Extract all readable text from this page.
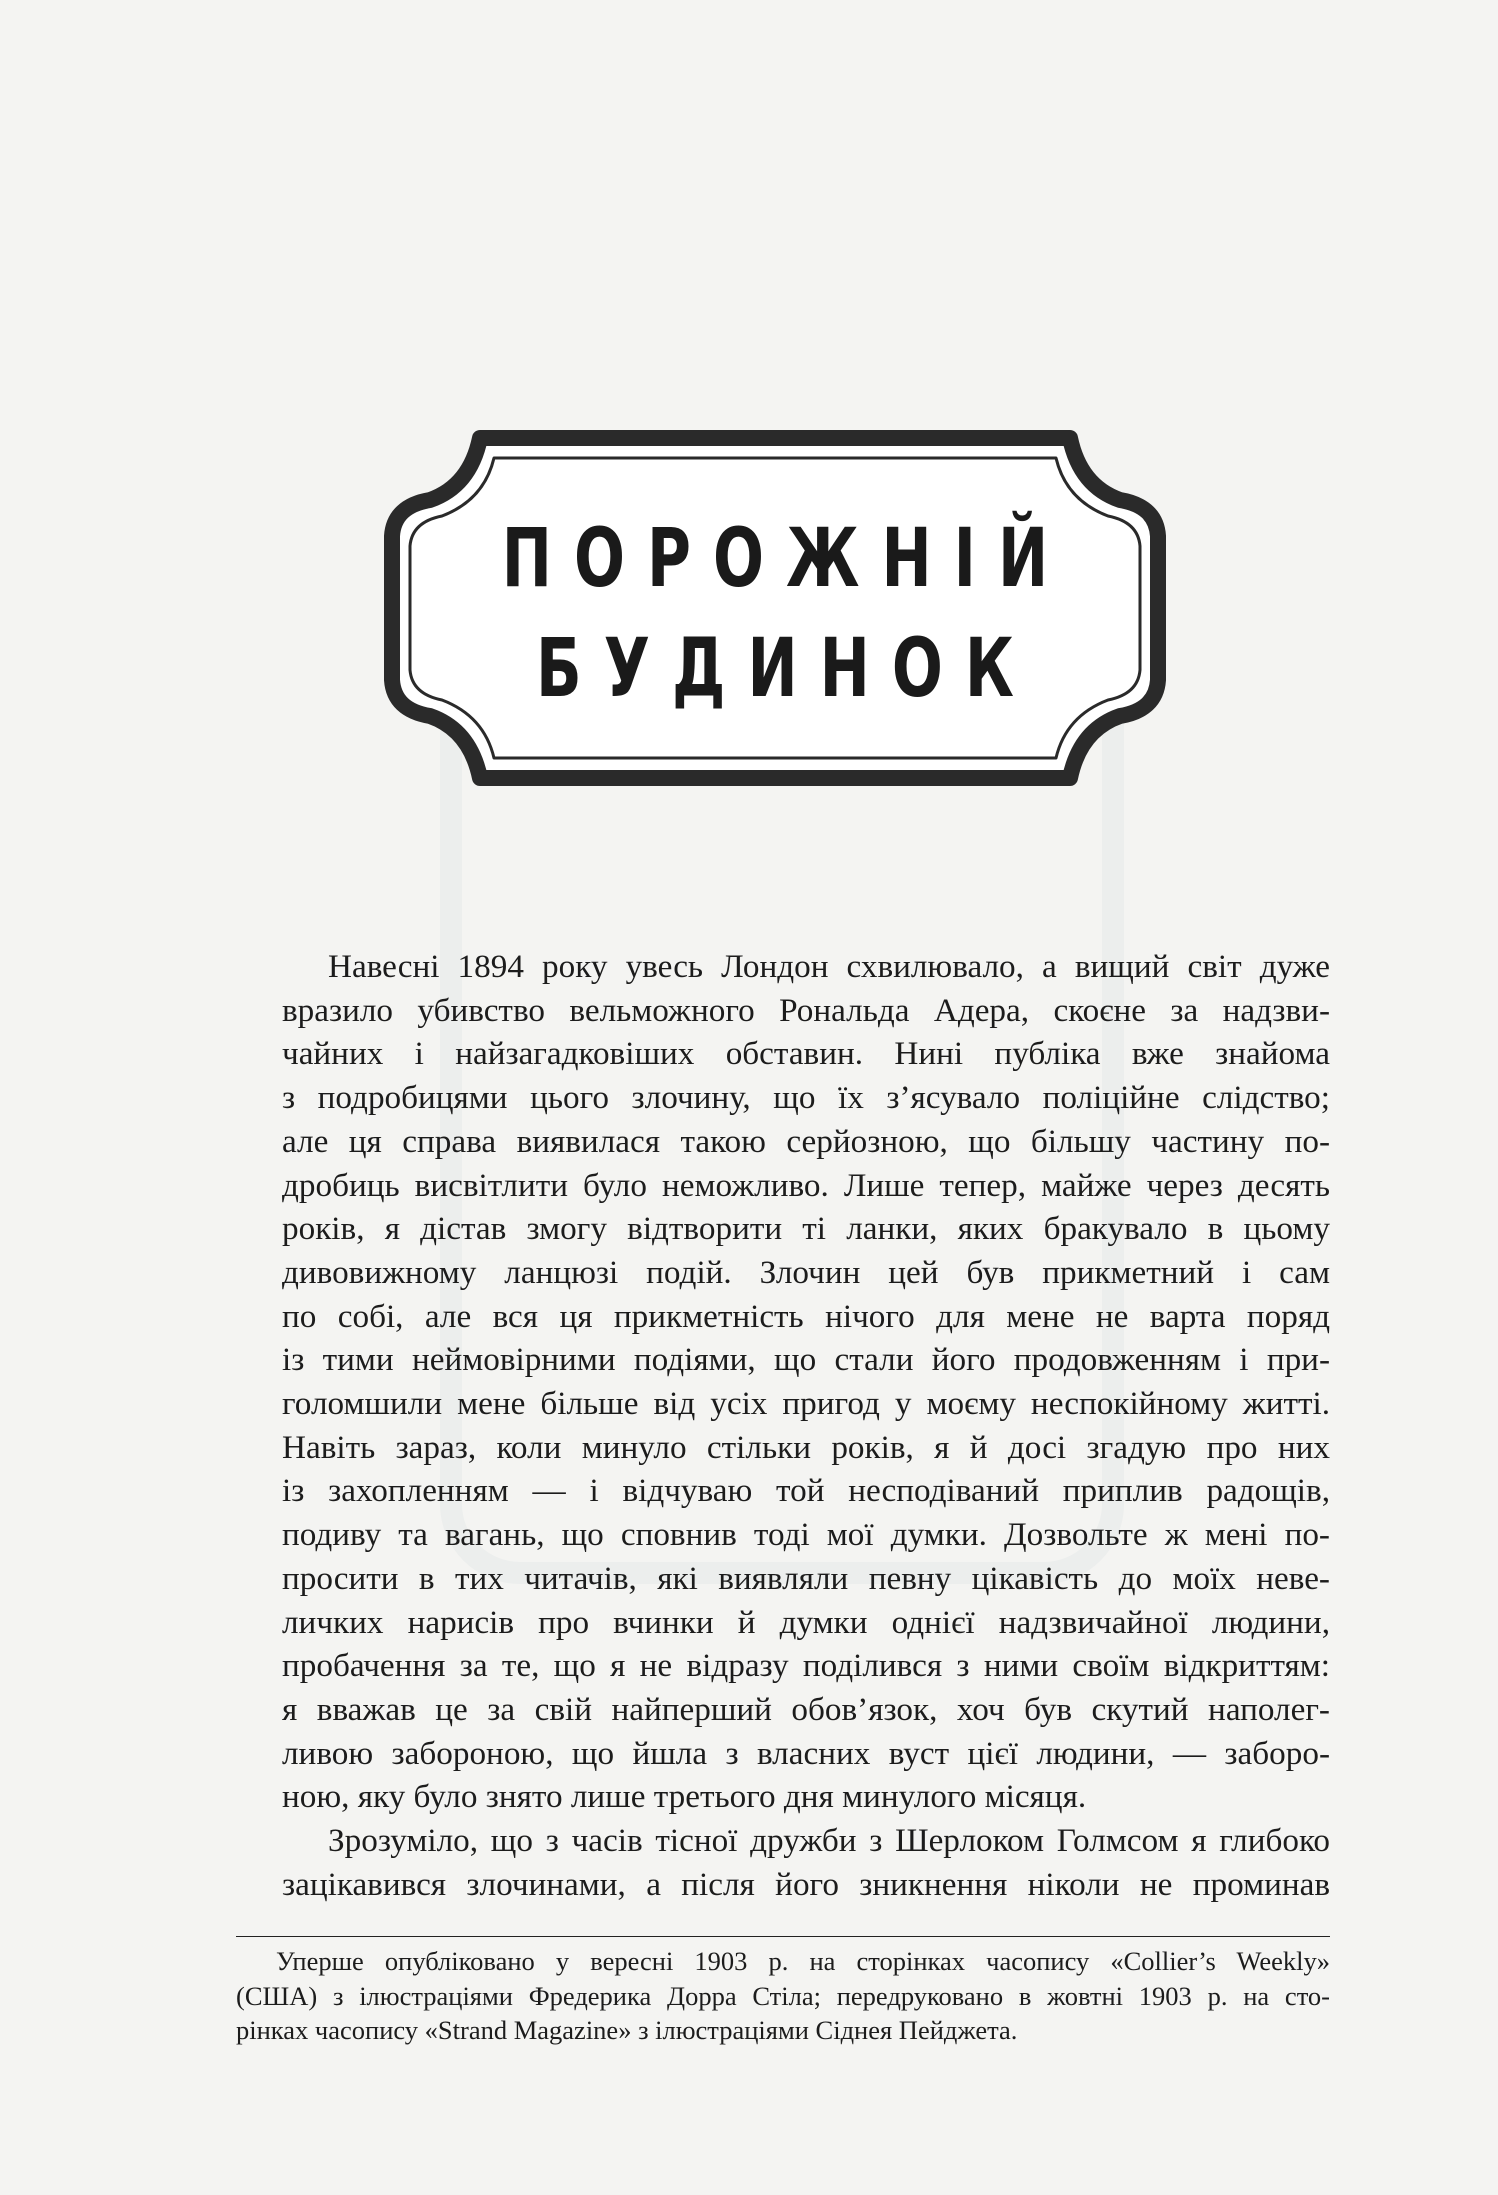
ПОРОЖНІЙ
БУДИНОК

Навесні 1894 року увесь Лондон схвилювало, а вищий світ дуже
вразило убивство вельможного Рональда Адера, скоєне за надзви-
чайних і найзагадковіших обставин. Нині публіка вже знайома
з подробицями цього злочину, що їх з’ясувало поліційне слідство;
але ця справа виявилася такою серйозною, що більшу частину по-
дробиць висвітлити було неможливо. Лише тепер, майже через десять
років, я дістав змогу відтворити ті ланки, яких бракувало в цьому
дивовижному ланцюзі подій. Злочин цей був прикметний і сам
по собі, але вся ця прикметність нічого для мене не варта поряд
із тими неймовірними подіями, що стали його продовженням і при-
голомшили мене більше від усіх пригод у моєму неспокійному житті.
Навіть зараз, коли минуло стільки років, я й досі згадую про них
із захопленням — і відчуваю той несподіваний приплив радощів,
подиву та вагань, що сповнив тоді мої думки. Дозвольте ж мені по-
просити в тих читачів, які виявляли певну цікавість до моїх неве-
личких нарисів про вчинки й думки однієї надзвичайної людини,
пробачення за те, що я не відразу поділився з ними своїм відкриттям:
я вважав це за свій найперший обов’язок, хоч був скутий наполег-
ливою забороною, що йшла з власних вуст цієї людини, — заборо-
ною, яку було знято лише третього дня минулого місяця.

Зрозуміло, що з часів тісної дружби з Шерлоком Голмсом я глибоко
зацікавився злочинами, а після його зникнення ніколи не проминав

Уперше опубліковано у вересні 1903 р. на сторінках часопису «Collier’s Weekly»
(США) з ілюстраціями Фредерика Дорра Стіла; передруковано в жовтні 1903 р. на сто-
рінках часопису «Strand Magazine» з ілюстраціями Сіднея Пейджета.
